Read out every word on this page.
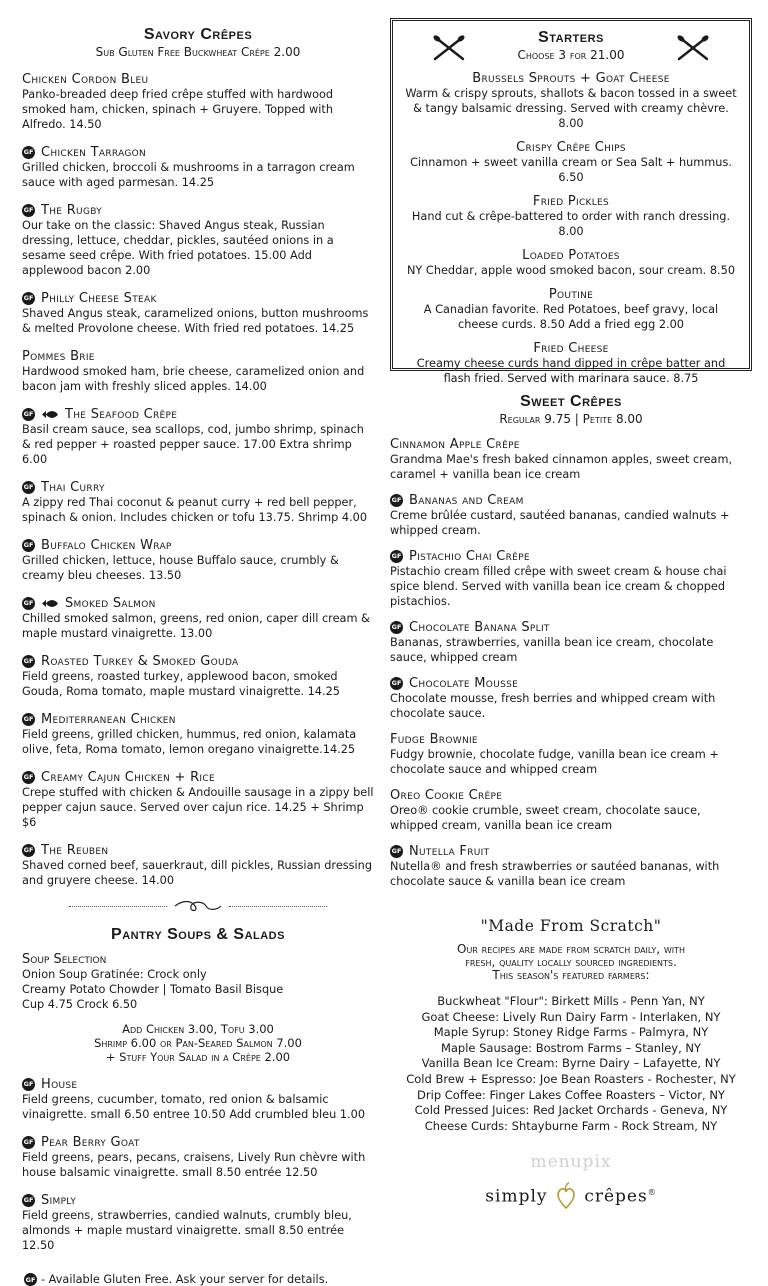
Savory Crêpes
Sub Gluten Free Buckwheat Crêpe 2.00
Chicken Cordon Bleu
Panko-breaded deep fried crêpe stuffed with hardwood smoked ham, chicken, spinach + Gruyere. Topped with Alfredo. 14.50
GF Chicken Tarragon
Grilled chicken, broccoli & mushrooms in a tarragon cream sauce with aged parmesan. 14.25
GF The Rugby
Our take on the classic: Shaved Angus steak, Russian dressing, lettuce, cheddar, pickles, sautéed onions in a sesame seed crêpe. With fried potatoes. 15.00 Add applewood bacon 2.00
GF Philly Cheese Steak
Shaved Angus steak, caramelized onions, button mushrooms & melted Provolone cheese. With fried red potatoes. 14.25
Pommes Brie
Hardwood smoked ham, brie cheese, caramelized onion and bacon jam with freshly sliced apples. 14.00
GF The Seafood Crêpe
Basil cream sauce, sea scallops, cod, jumbo shrimp, spinach & red pepper + roasted pepper sauce. 17.00 Extra shrimp 6.00
GF Thai Curry
A zippy red Thai coconut & peanut curry + red bell pepper, spinach & onion. Includes chicken or tofu 13.75. Shrimp 4.00
GF Buffalo Chicken Wrap
Grilled chicken, lettuce, house Buffalo sauce, crumbly & creamy bleu cheeses. 13.50
GF Smoked Salmon
Chilled smoked salmon, greens, red onion, caper dill cream & maple mustard vinaigrette. 13.00
GF Roasted Turkey & Smoked Gouda
Field greens, roasted turkey, applewood bacon, smoked Gouda, Roma tomato, maple mustard vinaigrette. 14.25
GF Mediterranean Chicken
Field greens, grilled chicken, hummus, red onion, kalamata olive, feta, Roma tomato, lemon oregano vinaigrette.14.25
GF Creamy Cajun Chicken + Rice
Crepe stuffed with chicken & Andouille sausage in a zippy bell pepper cajun sauce. Served over cajun rice. 14.25 + Shrimp $6
GF The Reuben
Shaved corned beef, sauerkraut, dill pickles, Russian dressing and gruyere cheese. 14.00
Pantry Soups & Salads
Soup Selection
Onion Soup Gratinée: Crock only
Creamy Potato Chowder | Tomato Basil Bisque
Cup 4.75 Crock 6.50
Add Chicken 3.00, Tofu 3.00
Shrimp 6.00 or Pan-Seared Salmon 7.00
+ Stuff Your Salad in a Crêpe 2.00
GF House
Field greens, cucumber, tomato, red onion & balsamic vinaigrette. small 6.50 entree 10.50 Add crumbled bleu 1.00
GF Pear Berry Goat
Field greens, pears, pecans, craisens, Lively Run chèvre with house balsamic vinaigrette. small 8.50 entrée 12.50
GF Simply
Field greens, strawberries, candied walnuts, crumbly bleu, almonds + maple mustard vinaigrette. small 8.50 entrée 12.50
GF - Available Gluten Free. Ask your server for details.
Starters
Choose 3 for 21.00
Brussels Sprouts + Goat Cheese
Warm & crispy sprouts, shallots & bacon tossed in a sweet & tangy balsamic dressing. Served with creamy chèvre. 8.00
Crispy Crêpe Chips
Cinnamon + sweet vanilla cream or Sea Salt + hummus. 6.50
Fried Pickles
Hand cut & crêpe-battered to order with ranch dressing. 8.00
Loaded Potatoes
NY Cheddar, apple wood smoked bacon, sour cream. 8.50
Poutine
A Canadian favorite. Red Potatoes, beef gravy, local cheese curds. 8.50 Add a fried egg 2.00
Fried Cheese
Creamy cheese curds hand dipped in crêpe batter and flash fried. Served with marinara sauce. 8.75
Sweet Crêpes
Regular 9.75 | Petite 8.00
Cinnamon Apple Crêpe
Grandma Mae's fresh baked cinnamon apples, sweet cream, caramel + vanilla bean ice cream
GF Bananas and Cream
Creme brûlée custard, sautéed bananas, candied walnuts + whipped cream.
GF Pistachio Chai Crêpe
Pistachio cream filled crêpe with sweet cream & house chai spice blend. Served with vanilla bean ice cream & chopped pistachios.
GF Chocolate Banana Split
Bananas, strawberries, vanilla bean ice cream, chocolate sauce, whipped cream
GF Chocolate Mousse
Chocolate mousse, fresh berries and whipped cream with chocolate sauce.
Fudge Brownie
Fudgy brownie, chocolate fudge, vanilla bean ice cream + chocolate sauce and whipped cream
Oreo Cookie Crêpe
Oreo® cookie crumble, sweet cream, chocolate sauce, whipped cream, vanilla bean ice cream
GF Nutella Fruit
Nutella® and fresh strawberries or sautéed bananas, with chocolate sauce & vanilla bean ice cream
"Made From Scratch"
Our recipes are made from scratch daily, with
fresh, quality locally sourced ingredients.
This season's featured farmers:
Buckwheat "Flour": Birkett Mills - Penn Yan, NY
Goat Cheese: Lively Run Dairy Farm - Interlaken, NY
Maple Syrup: Stoney Ridge Farms - Palmyra, NY
Maple Sausage: Bostrom Farms – Stanley, NY
Vanilla Bean Ice Cream: Byrne Dairy – Lafayette, NY
Cold Brew + Espresso: Joe Bean Roasters - Rochester, NY
Drip Coffee: Finger Lakes Coffee Roasters – Victor, NY
Cold Pressed Juices: Red Jacket Orchards - Geneva, NY
Cheese Curds: Shtayburne Farm - Rock Stream, NY
menupix
simply crêpes®
